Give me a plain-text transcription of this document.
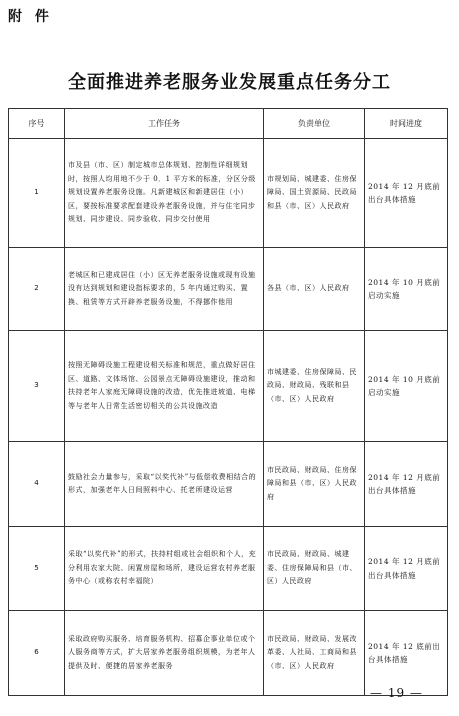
附 件
全面推进养老服务业发展重点任务分工
序号	工作任务	负责单位	时间进度
1	市及县（市、区）制定城市总体规划、控制性详细规划时，按照人均用地不少于 0．1 平方米的标准，分区分级规划设置养老服务设施。凡新建城区和新建居住（小）区，要按标准要求配套建设养老服务设施，并与住宅同步规划、同步建设、同步验收、同步交付使用	市规划局、城建委、住房保障局、国土资源局、民政局和县（市、区）人民政府	2014 年 12 月底前出台具体措施
2	老城区和已建成居住（小）区无养老服务设施或现有设施没有达到规划和建设指标要求的，5 年内通过购买、置换、租赁等方式开辟养老服务设施，不得挪作他用	各县（市、区）人民政府	2014 年 10 月底前启动实施
3	按照无障碍设施工程建设相关标准和规范，重点做好居住区、道路、文体场馆、公园景点无障碍设施建设，推动和扶持老年人家庭无障碍设施的改造，优先推进坡道、电梯等与老年人日常生活密切相关的公共设施改造	市城建委、住房保障局、民政局、财政局、残联和县（市、区）人民政府	2014 年 10 月底前启动实施
4	鼓励社会力量参与，采取“以奖代补”与低偿收费相结合的形式，加强老年人日间照料中心、托老所建设运营	市民政局、财政局、住房保障局和县（市、区）人民政府	2014 年 12 月底前出台具体措施
5	采取“以奖代补”的形式，扶持村组或社会组织和个人，充分利用农家大院、闲置房屋和场所，建设运营农村养老服务中心（或称农村幸福院）	市民政局、财政局、城建委、住房保障局和县（市、区）人民政府	2014 年 12 月底前出台具体措施
6	采取政府购买服务、培育服务机构、招募企事业单位或个人服务商等方式，扩大居家养老服务组织规模，为老年人提供及时、便捷的居家养老服务	市民政局、财政局、发展改革委、人社局、工商局和县（市、区）人民政府	2014 年 12 底前出台具体措施
— 19 —
